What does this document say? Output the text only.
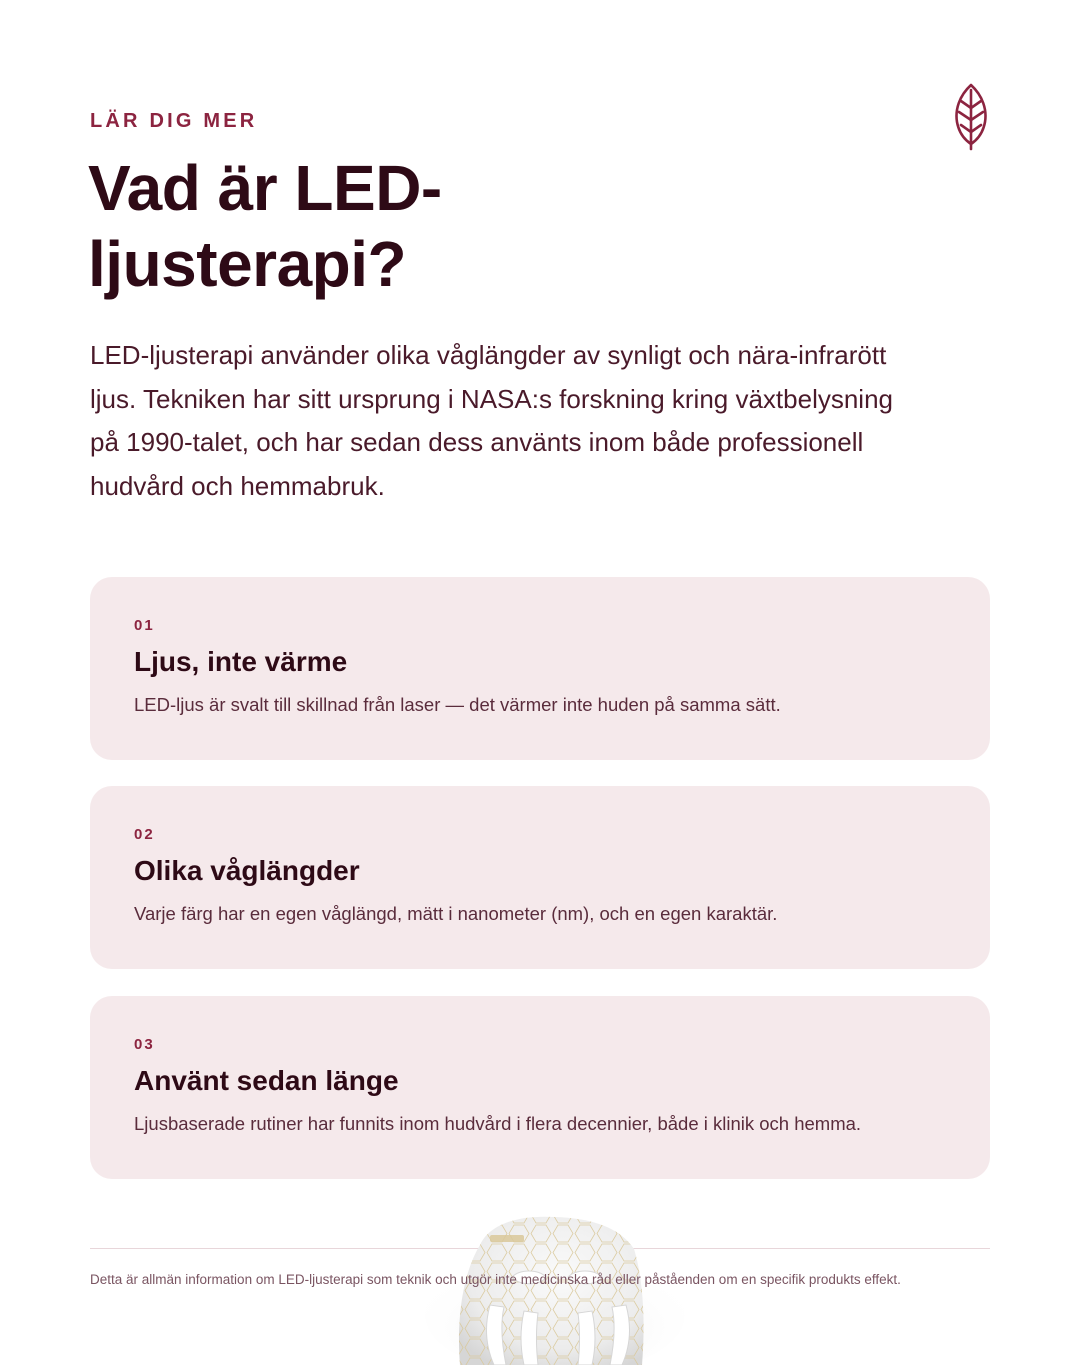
LÄR DIG MER
Vad är LED-ljusterapi?

LED-ljusterapi använder olika våglängder av synligt och nära-infrarött ljus. Tekniken har sitt ursprung i NASA:s forskning kring växtbelysning på 1990-talet, och har sedan dess använts inom både professionell hudvård och hemmabruk.

01
Ljus, inte värme

LED-ljus är svalt till skillnad från laser — det värmer inte huden på samma sätt.

02
Olika våglängder

Varje färg har en egen våglängd, mätt i nanometer (nm), och en egen karaktär.

03
Använt sedan länge

Ljusbaserade rutiner har funnits inom hudvård i flera decennier, både i klinik och hemma.

Detta är allmän information om LED-ljusterapi som teknik och utgör inte medicinska råd eller påståenden om en specifik produkts effekt.
